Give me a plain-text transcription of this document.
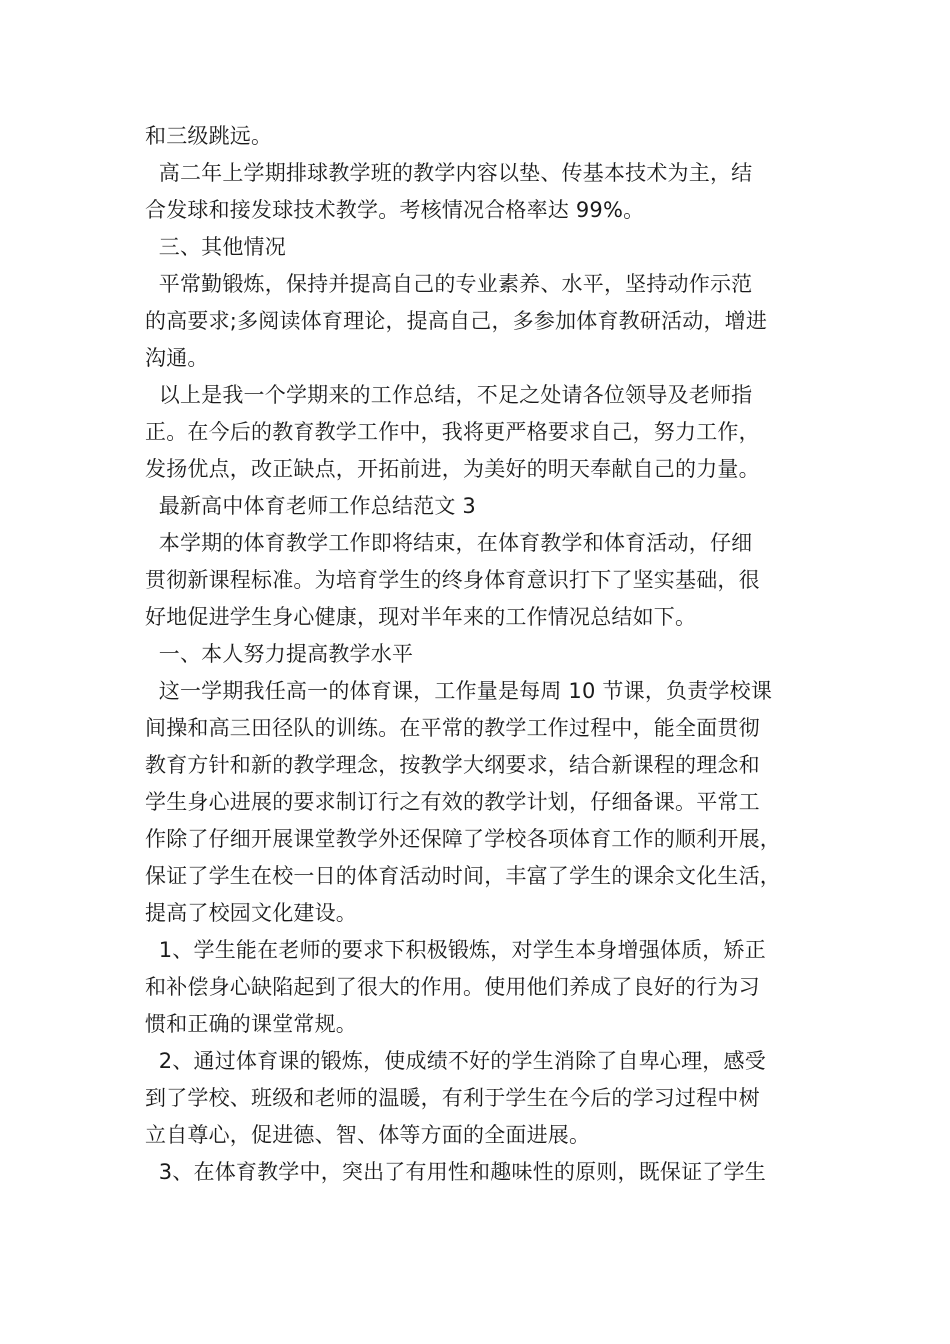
和三级跳远。
高二年上学期排球教学班的教学内容以垫、传基本技术为主，结
合发球和接发球技术教学。考核情况合格率达 99%。
三、其他情况
平常勤锻炼，保持并提高自己的专业素养、水平，坚持动作示范
的高要求;多阅读体育理论，提高自己，多参加体育教研活动，增进
沟通。
以上是我一个学期来的工作总结，不足之处请各位领导及老师指
正。在今后的教育教学工作中，我将更严格要求自己，努力工作，
发扬优点，改正缺点，开拓前进，为美好的明天奉献自己的力量。
最新高中体育老师工作总结范文 3
本学期的体育教学工作即将结束，在体育教学和体育活动，仔细
贯彻新课程标准。为培育学生的终身体育意识打下了坚实基础，很
好地促进学生身心健康，现对半年来的工作情况总结如下。
一、本人努力提高教学水平
这一学期我任高一的体育课，工作量是每周 10 节课，负责学校课
间操和高三田径队的训练。在平常的教学工作过程中，能全面贯彻
教育方针和新的教学理念，按教学大纲要求，结合新课程的理念和
学生身心进展的要求制订行之有效的教学计划，仔细备课。平常工
作除了仔细开展课堂教学外还保障了学校各项体育工作的顺利开展，
保证了学生在校一日的体育活动时间，丰富了学生的课余文化生活，
提高了校园文化建设。
1、学生能在老师的要求下积极锻炼，对学生本身增强体质，矫正
和补偿身心缺陷起到了很大的作用。使用他们养成了良好的行为习
惯和正确的课堂常规。
2、通过体育课的锻炼，使成绩不好的学生消除了自卑心理，感受
到了学校、班级和老师的温暖，有利于学生在今后的学习过程中树
立自尊心，促进德、智、体等方面的全面进展。
3、在体育教学中，突出了有用性和趣味性的原则，既保证了学生
